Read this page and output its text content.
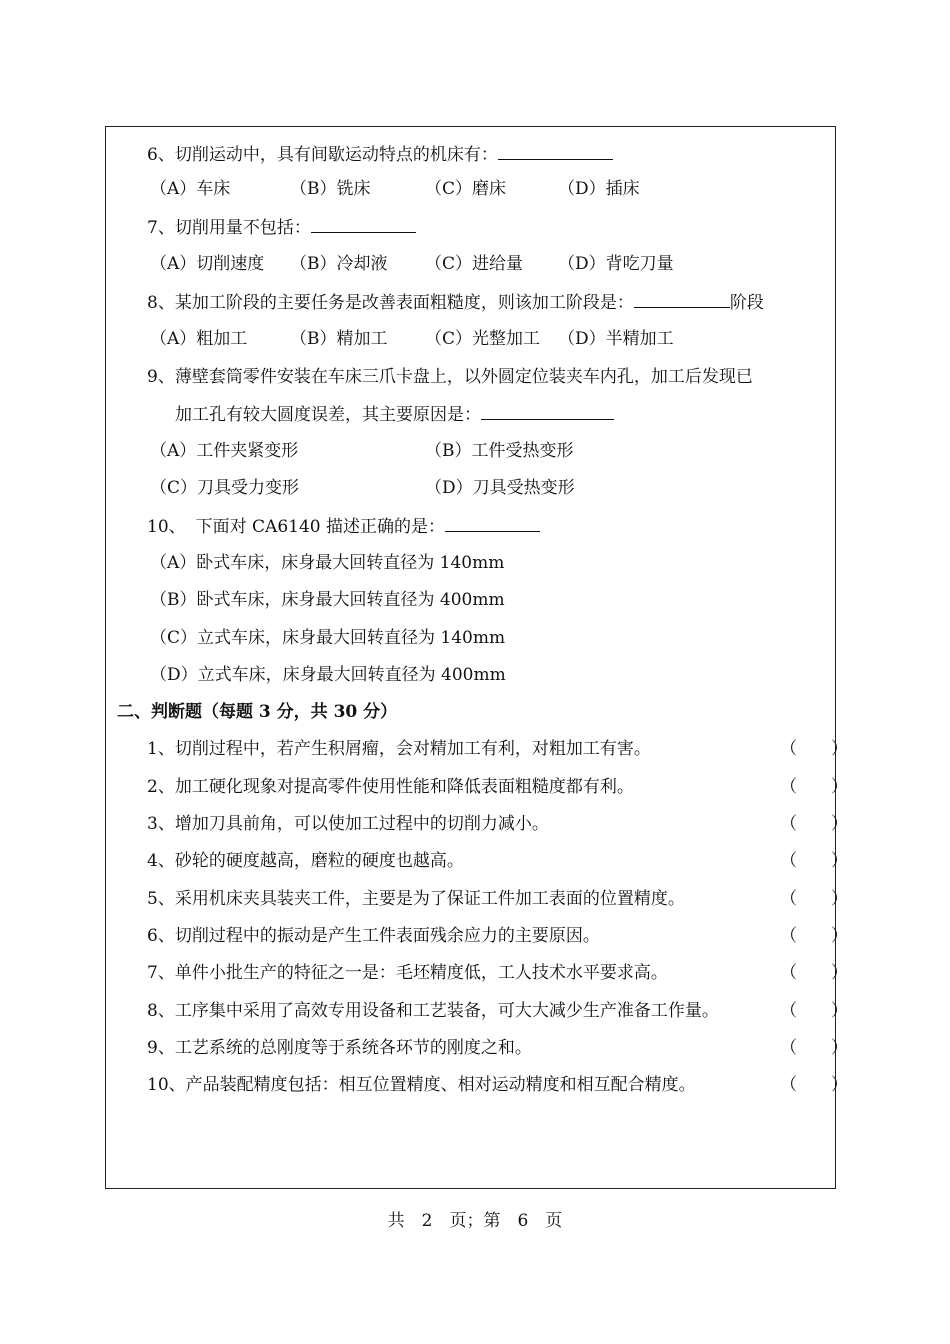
6、切削运动中，具有间歇运动特点的机床有：
（A）车床	（B）铣床	（C）磨床	（D）插床
7、切削用量不包括：
（A）切削速度 （B）冷却液 （C）进给量 （D）背吃刀量
8、某加工阶段的主要任务是改善表面粗糙度，则该加工阶段是：	阶段
（A）粗加工	（B）精加工 （C）光整加工 （D）半精加工
9、薄壁套筒零件安装在车床三爪卡盘上，以外圆定位装夹车内孔，加工后发现已
加工孔有较大圆度误差，其主要原因是：
（A）工件夹紧变形	（B）工件受热变形
（C）刀具受力变形	（D）刀具受热变形
10、 下面对 CA6140 描述正确的是：
（A）卧式车床，床身最大回转直径为 140mm
（B）卧式车床，床身最大回转直径为 400mm
（C）立式车床，床身最大回转直径为 140mm
（D）立式车床，床身最大回转直径为 400mm
二、判断题（每题 3 分，共 30 分）
1、切削过程中，若产生积屑瘤，会对精加工有利，对粗加工有害。	（　　）
2、加工硬化现象对提高零件使用性能和降低表面粗糙度都有利。	（　　）
3、增加刀具前角，可以使加工过程中的切削力减小。	（　　）
4、砂轮的硬度越高，磨粒的硬度也越高。	（　　）
5、采用机床夹具装夹工件，主要是为了保证工件加工表面的位置精度。	（　　）
6、切削过程中的振动是产生工件表面残余应力的主要原因。	（　　）
7、单件小批生产的特征之一是：毛坯精度低，工人技术水平要求高。	（　　）
8、工序集中采用了高效专用设备和工艺装备，可大大减少生产准备工作量。	（　　）
9、工艺系统的总刚度等于系统各环节的刚度之和。	（　　）
10、产品装配精度包括：相互位置精度、相对运动精度和相互配合精度。	（　　）
共　2　页；第　6　页
